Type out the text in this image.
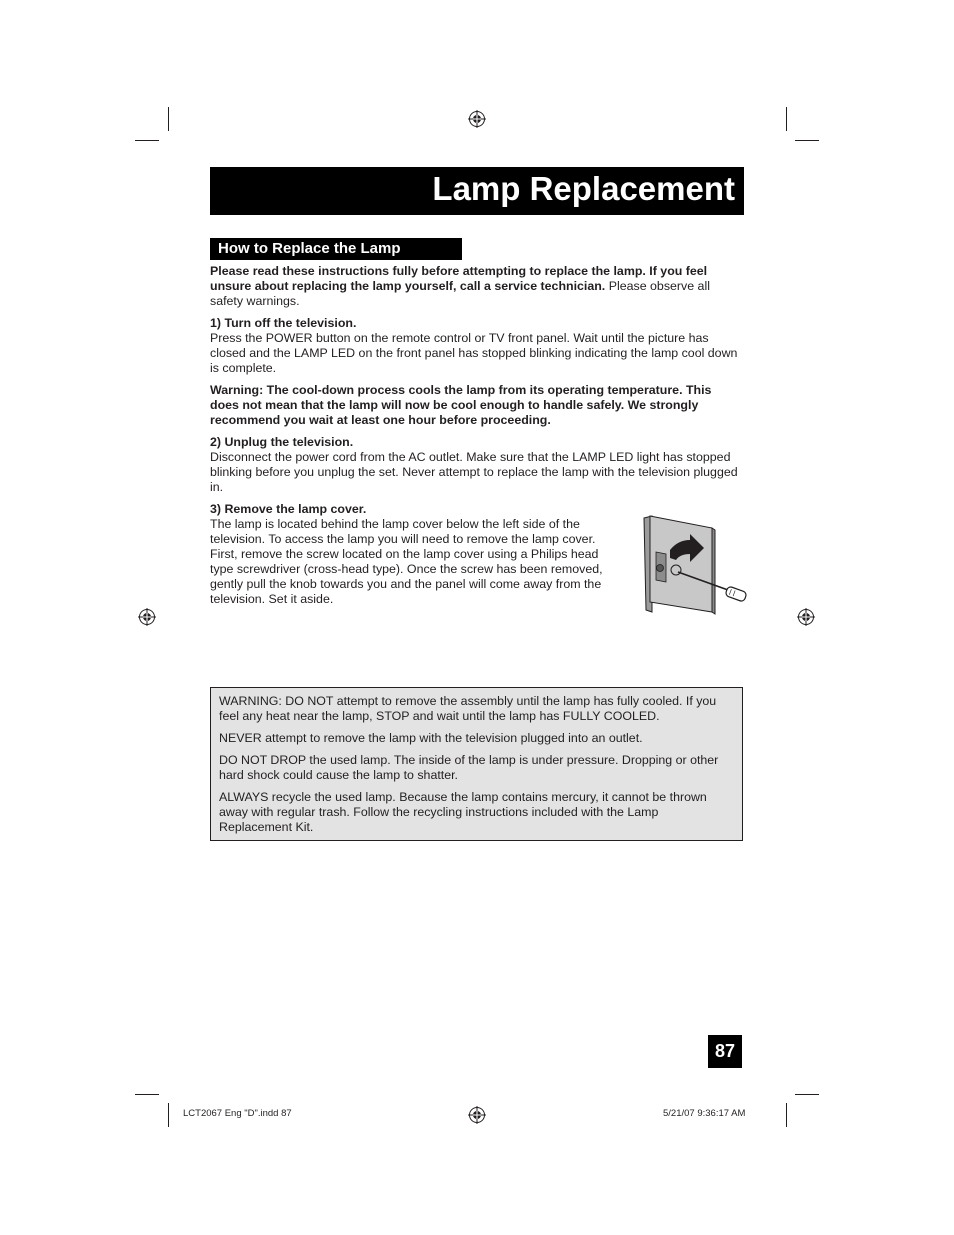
Lamp Replacement
How to Replace the Lamp

Please read these instructions fully before attempting to replace the lamp. If you feel unsure about replacing the lamp yourself, call a service technician. Please observe all safety warnings.

1) Turn off the television.

Press the POWER button on the remote control or TV front panel. Wait until the picture has closed and the LAMP LED on the front panel has stopped blinking indicating the lamp cool down is complete.

Warning: The cool-down process cools the lamp from its operating temperature. This does not mean that the lamp will now be cool enough to handle safely. We strongly recommend you wait at least one hour before proceeding.

2) Unplug the television.

Disconnect the power cord from the AC outlet. Make sure that the LAMP LED light has stopped blinking before you unplug the set. Never attempt to replace the lamp with the television plugged in.

3) Remove the lamp cover.

The lamp is located behind the lamp cover below the left side of the television. To access the lamp you will need to remove the lamp cover. First, remove the screw located on the lamp cover using a Philips head type screwdriver (cross-head type). Once the screw has been removed, gently pull the knob towards you and the panel will come away from the television. Set it aside.

WARNING: DO NOT attempt to remove the assembly until the lamp has fully cooled. If you feel any heat near the lamp, STOP and wait until the lamp has FULLY COOLED.

NEVER attempt to remove the lamp with the television plugged into an outlet.

DO NOT DROP the used lamp. The inside of the lamp is under pressure. Dropping or other hard shock could cause the lamp to shatter.

ALWAYS recycle the used lamp. Because the lamp contains mercury, it cannot be thrown away with regular trash. Follow the recycling instructions included with the Lamp Replacement Kit.

87
LCT2067 Eng "D".indd 87	5/21/07 9:36:17 AM
